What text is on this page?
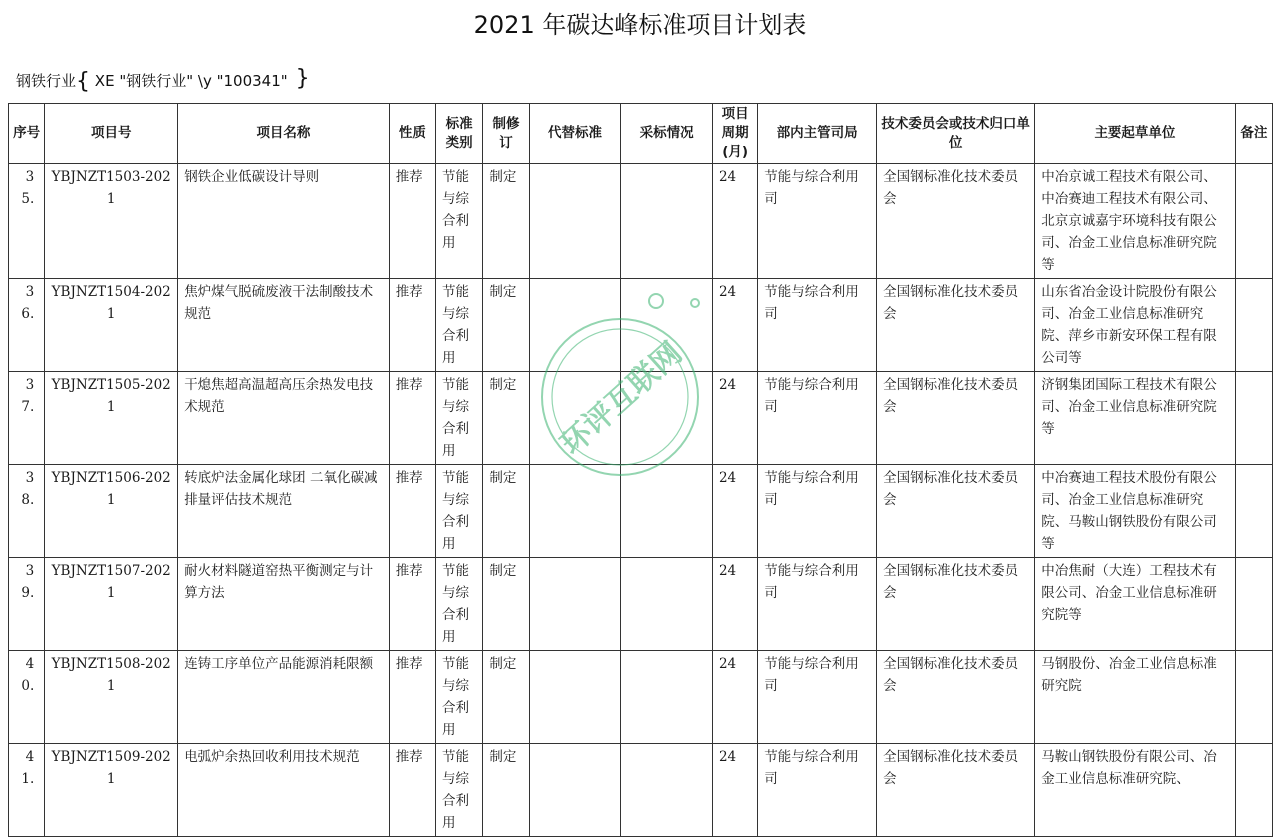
2021 年碳达峰标准项目计划表
钢铁行业{ XE "钢铁行业" \y "100341" }
序号	项目号	项目名称	性质	标准类别	制修订	代替标准	采标情况	项目周期(月)	部内主管司局	技术委员会或技术归口单位	主要起草单位	备注
35.	YBJNZT1503-2021	钢铁企业低碳设计导则	推荐	节能与综合利用	制定			24	节能与综合利用司	全国钢标准化技术委员会	中冶京诚工程技术有限公司、中冶赛迪工程技术有限公司、北京京诚嘉宇环境科技有限公司、冶金工业信息标准研究院等	
36.	YBJNZT1504-2021	焦炉煤气脱硫废液干法制酸技术规范	推荐	节能与综合利用	制定			24	节能与综合利用司	全国钢标准化技术委员会	山东省冶金设计院股份有限公司、冶金工业信息标准研究院、萍乡市新安环保工程有限公司等	
37.	YBJNZT1505-2021	干熄焦超高温超高压余热发电技术规范	推荐	节能与综合利用	制定			24	节能与综合利用司	全国钢标准化技术委员会	济钢集团国际工程技术有限公司、冶金工业信息标准研究院等	
38.	YBJNZT1506-2021	转底炉法金属化球团 二氧化碳减排量评估技术规范	推荐	节能与综合利用	制定			24	节能与综合利用司	全国钢标准化技术委员会	中冶赛迪工程技术股份有限公司、冶金工业信息标准研究院、马鞍山钢铁股份有限公司等	
39.	YBJNZT1507-2021	耐火材料隧道窑热平衡测定与计算方法	推荐	节能与综合利用	制定			24	节能与综合利用司	全国钢标准化技术委员会	中冶焦耐（大连）工程技术有限公司、冶金工业信息标准研究院等	
40.	YBJNZT1508-2021	连铸工序单位产品能源消耗限额	推荐	节能与综合利用	制定			24	节能与综合利用司	全国钢标准化技术委员会	马钢股份、冶金工业信息标准研究院	
41.	YBJNZT1509-2021	电弧炉余热回收利用技术规范	推荐	节能与综合利用	制定			24	节能与综合利用司	全国钢标准化技术委员会	马鞍山钢铁股份有限公司、冶金工业信息标准研究院、	
环评互联网
